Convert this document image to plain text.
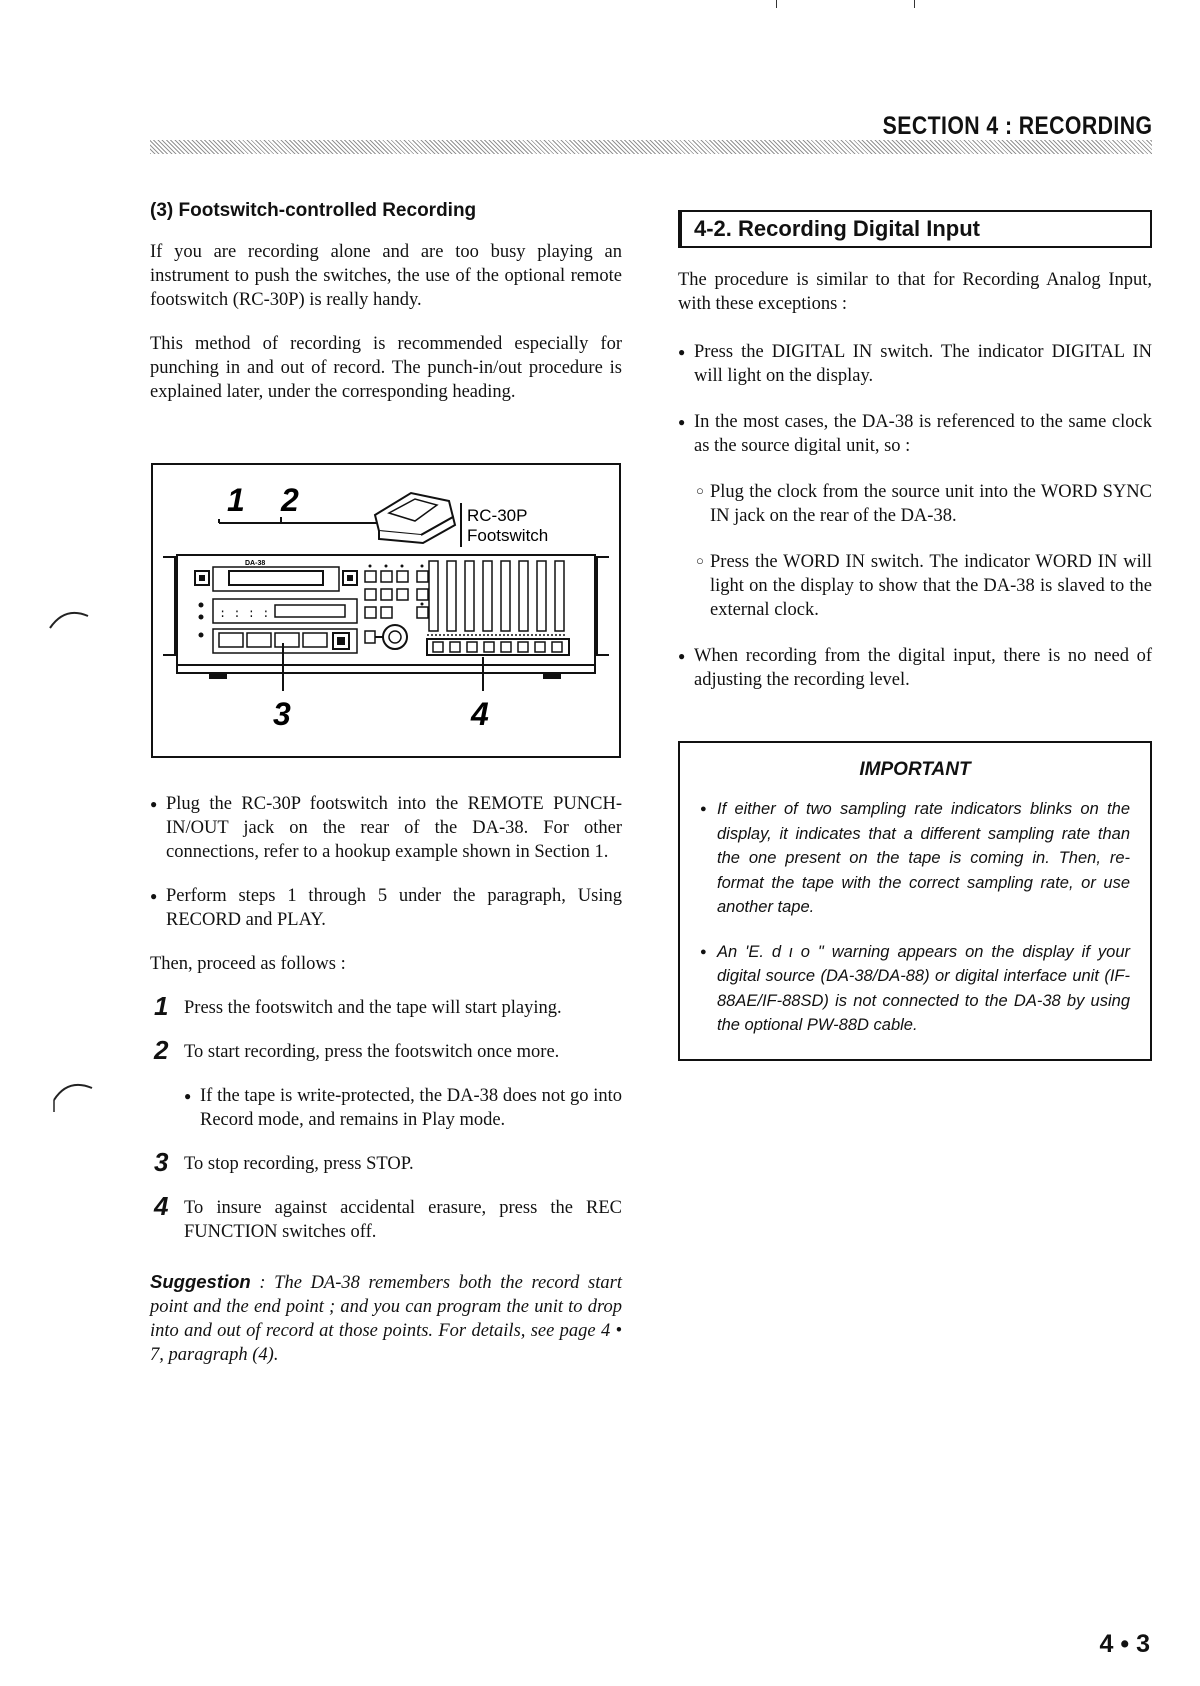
SECTION 4 : RECORDING
(3) Footswitch-controlled Recording

If you are recording alone and are too busy playing an instrument to push the switches, the use of the optional remote footswitch (RC-30P) is really handy.

This method of recording is recommended especially for punching in and out of record. The punch-in/out procedure is explained later, under the corresponding heading.

1 2	RC-30P
Footswitch
DA-38
: : : :
3	4
● Plug the RC-30P footswitch into the REMOTE PUNCH-IN/OUT jack on the rear of the DA-38. For other connections, refer to a hookup example shown in Section 1.
● Perform steps 1 through 5 under the paragraph, Using RECORD and PLAY.

Then, proceed as follows :

1 Press the footswitch and the tape will start playing.
2 To start recording, press the footswitch once more.
● If the tape is write-protected, the DA-38 does not go into Record mode, and remains in Play mode.
3 To stop recording, press STOP.
4 To insure against accidental erasure, press the REC FUNCTION switches off.
Suggestion : The DA-38 remembers both the record start point and the end point ; and you can program the unit to drop into and out of record at those points. For details, see page 4 • 7, paragraph (4).
4-2. Recording Digital Input

The procedure is similar to that for Recording Analog Input, with these exceptions :

● Press the DIGITAL IN switch. The indicator DIGITAL IN will light on the display.
● In the most cases, the DA-38 is referenced to the same clock as the source digital unit, so :
○ Plug the clock from the source unit into the WORD SYNC IN jack on the rear of the DA-38.
○ Press the WORD IN switch. The indicator WORD IN will light on the display to show that the DA-38 is slaved to the external clock.
● When recording from the digital input, there is no need of adjusting the recording level.
IMPORTANT
● If either of two sampling rate indicators blinks on the display, it indicates that a different sampling rate than the one present on the tape is coming in. Then, re-format the tape with the correct sampling rate, or use another tape.
● An 'E. d ι o " warning appears on the display if your digital source (DA-38/DA-88) or digital interface unit (IF-88AE/IF-88SD) is not connected to the DA-38 by using the optional PW-88D cable.
4 • 3
